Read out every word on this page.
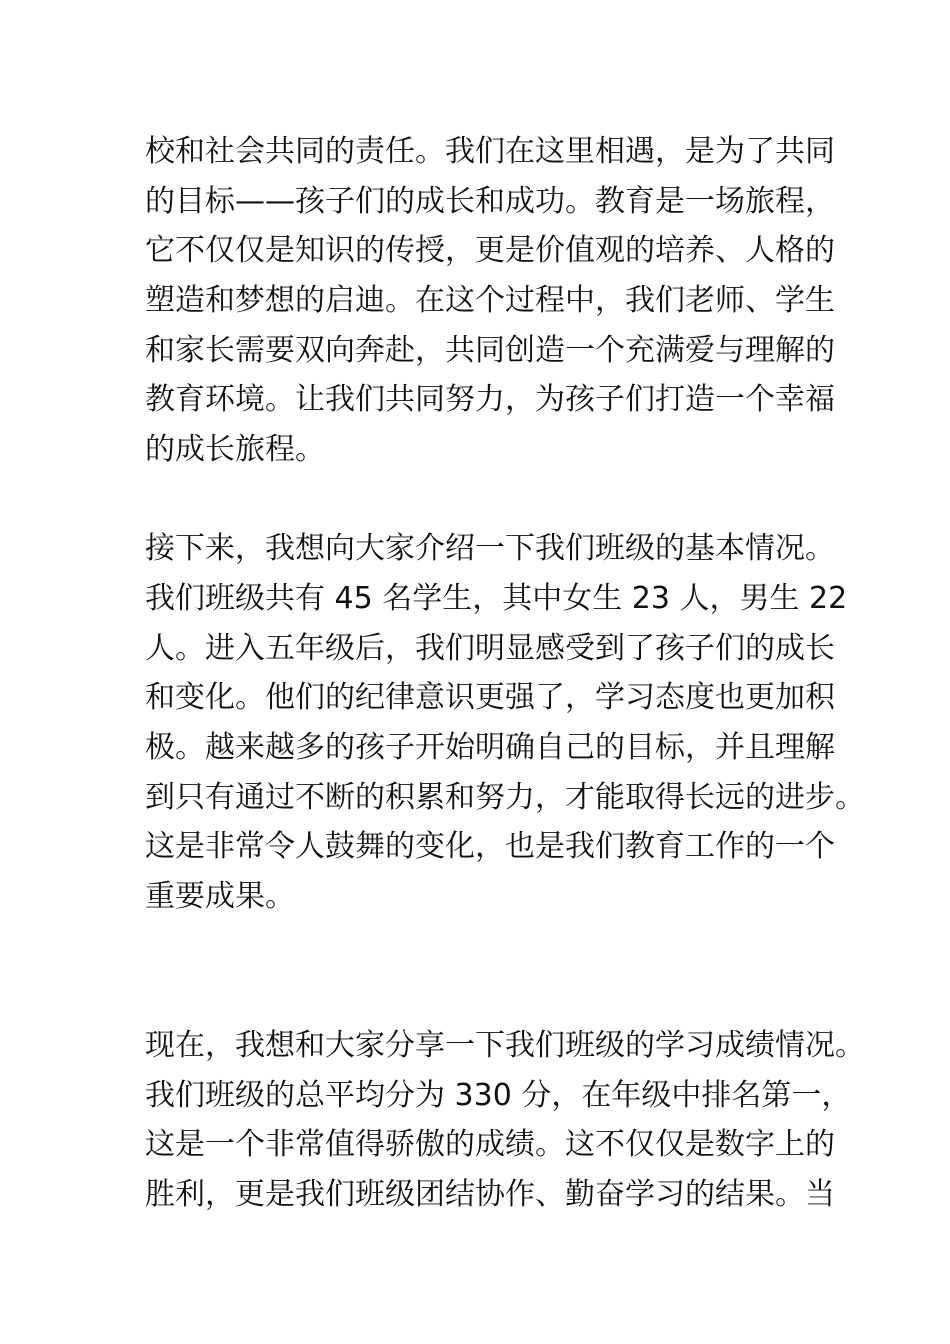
校和社会共同的责任。我们在这里相遇，是为了共同
的目标——孩子们的成长和成功。教育是一场旅程，
它不仅仅是知识的传授，更是价值观的培养、人格的
塑造和梦想的启迪。在这个过程中，我们老师、学生
和家长需要双向奔赴，共同创造一个充满爱与理解的
教育环境。让我们共同努力，为孩子们打造一个幸福
的成长旅程。
接下来，我想向大家介绍一下我们班级的基本情况。
我们班级共有 45 名学生，其中女生 23 人，男生 22
人。进入五年级后，我们明显感受到了孩子们的成长
和变化。他们的纪律意识更强了，学习态度也更加积
极。越来越多的孩子开始明确自己的目标，并且理解
到只有通过不断的积累和努力，才能取得长远的进步。
这是非常令人鼓舞的变化，也是我们教育工作的一个
重要成果。
现在，我想和大家分享一下我们班级的学习成绩情况。
我们班级的总平均分为 330 分，在年级中排名第一，
这是一个非常值得骄傲的成绩。这不仅仅是数字上的
胜利，更是我们班级团结协作、勤奋学习的结果。当
